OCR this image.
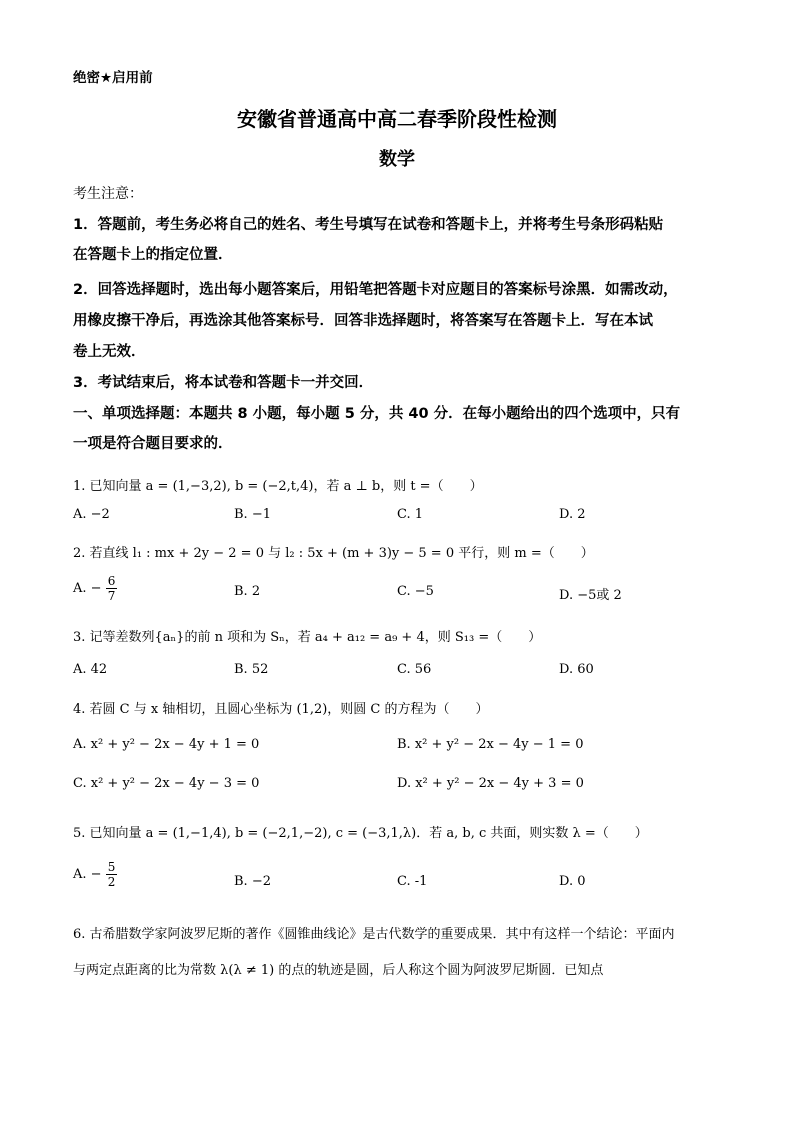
绝密★启用前
安徽省普通高中高二春季阶段性检测
数学
考生注意：
1．答题前，考生务必将自己的姓名、考生号填写在试卷和答题卡上，并将考生号条形码粘贴
在答题卡上的指定位置．
2．回答选择题时，选出每小题答案后，用铅笔把答题卡对应题目的答案标号涂黑．如需改动，
用橡皮擦干净后，再选涂其他答案标号．回答非选择题时，将答案写在答题卡上．写在本试
卷上无效．
3．考试结束后，将本试卷和答题卡一并交回．
一、单项选择题：本题共 8 小题，每小题 5 分，共 40 分．在每小题给出的四个选项中，只有
一项是符合题目要求的．
1. 已知向量 a = (1,−3,2), b = (−2,t,4)，若 a ⊥ b，则 t =（　　）
A. −2	B. −1	C. 1	D. 2
2. 若直线 l₁ : mx + 2y − 2 = 0 与 l₂ : 5x + (m + 3)y − 5 = 0 平行，则 m =（　　）
A. − $\frac{6}{7}$	B. 2	C. −5	D. −5或 2
3. 记等差数列{aₙ}的前 n 项和为 Sₙ，若 a₄ + a₁₂ = a₉ + 4，则 S₁₃ =（　　）
A. 42	B. 52	C. 56	D. 60
4. 若圆 C 与 x 轴相切，且圆心坐标为 (1,2)，则圆 C 的方程为（　　）
A. x² + y² − 2x − 4y + 1 = 0	B. x² + y² − 2x − 4y − 1 = 0
C. x² + y² − 2x − 4y − 3 = 0	D. x² + y² − 2x − 4y + 3 = 0
5. 已知向量 a = (1,−1,4), b = (−2,1,−2), c = (−3,1,λ)．若 a, b, c 共面，则实数 λ =（　　）
A. − $\frac{5}{2}$	B. −2	C. -1	D. 0
6. 古希腊数学家阿波罗尼斯的著作《圆锥曲线论》是古代数学的重要成果．其中有这样一个结论：平面内
与两定点距离的比为常数 λ(λ ≠ 1) 的点的轨迹是圆，后人称这个圆为阿波罗尼斯圆．已知点
